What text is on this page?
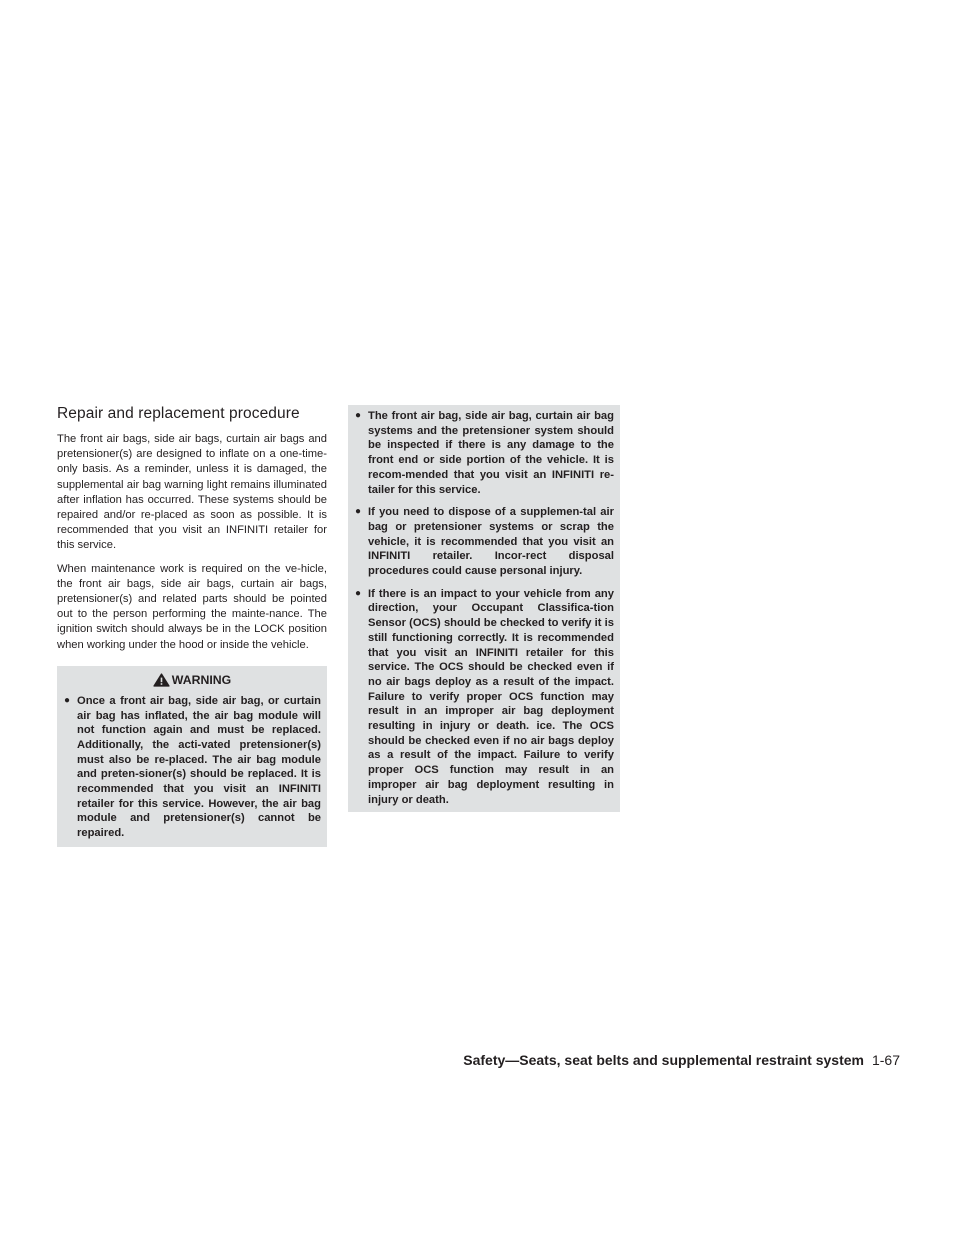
Repair and replacement procedure

The front air bags, side air bags, curtain air bags and pretensioner(s) are designed to inflate on a one-time-only basis. As a reminder, unless it is damaged, the supplemental air bag warning light remains illuminated after inflation has occurred. These systems should be repaired and/or re-placed as soon as possible. It is recommended that you visit an INFINITI retailer for this service.

When maintenance work is required on the ve-hicle, the front air bags, side air bags, curtain air bags, pretensioner(s) and related parts should be pointed out to the person performing the mainte-nance. The ignition switch should always be in the LOCK position when working under the hood or inside the vehicle.

WARNING
● Once a front air bag, side air bag, or curtain air bag has inflated, the air bag module will not function again and must be replaced. Additionally, the acti-vated pretensioner(s) must also be re-placed. The air bag module and preten-sioner(s) should be replaced. It is recommended that you visit an INFINITI retailer for this service. However, the air bag module and pretensioner(s) cannot be repaired.
● The front air bag, side air bag, curtain air bag systems and the pretensioner system should be inspected if there is any damage to the front end or side portion of the vehicle. It is recom-mended that you visit an INFINITI re-tailer for this service.
● If you need to dispose of a supplemen-tal air bag or pretensioner systems or scrap the vehicle, it is recommended that you visit an INFINITI retailer. Incor-rect disposal procedures could cause personal injury.
● If there is an impact to your vehicle from any direction, your Occupant Classifica-tion Sensor (OCS) should be checked to verify it is still functioning correctly. It is recommended that you visit an INFINITI retailer for this service. The OCS should be checked even if no air bags deploy as a result of the impact. Failure to verify proper OCS function may result in an improper air bag deployment resulting in injury or death. ice. The OCS should be checked even if no air bags deploy as a result of the impact. Failure to verify proper OCS function may result in an improper air bag deployment resulting in injury or death.
Safety—Seats, seat belts and supplemental restraint system 1-67
